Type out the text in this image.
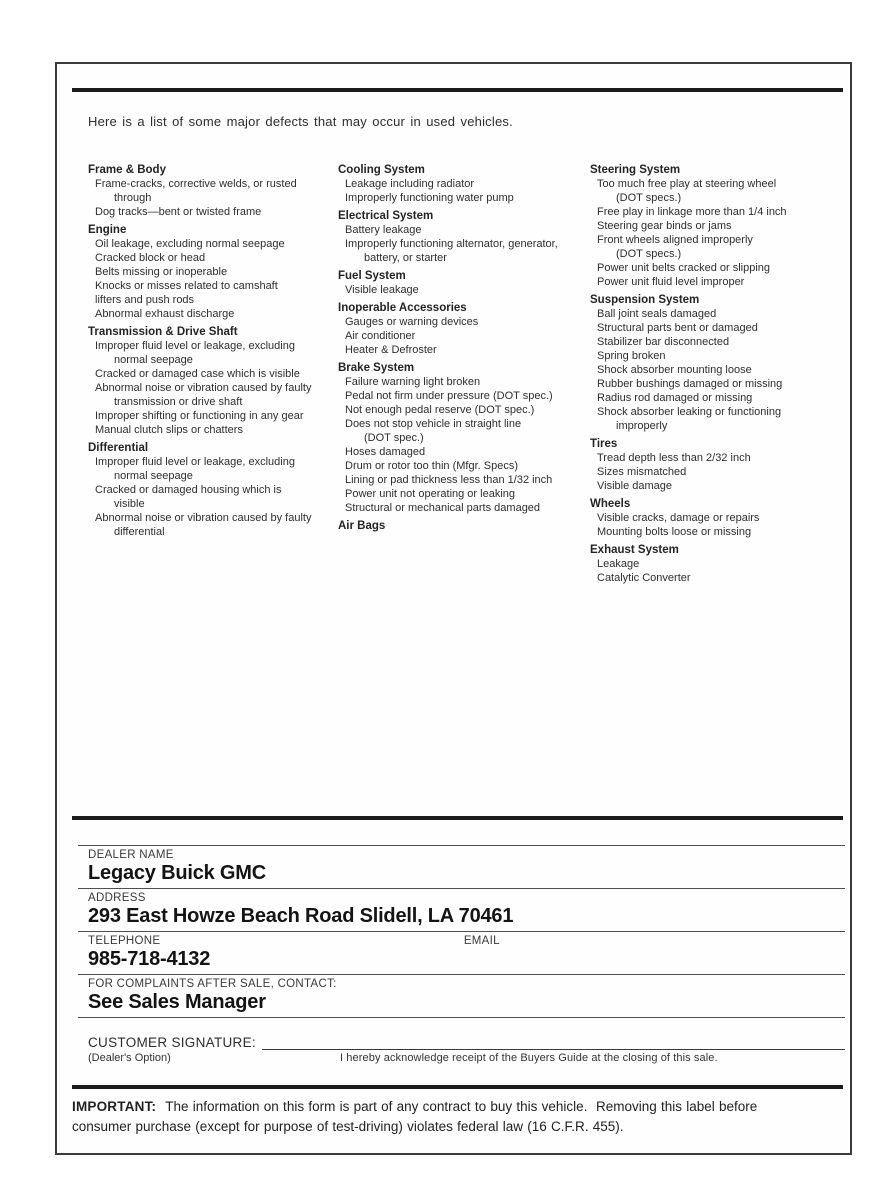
Here is a list of some major defects that may occur in used vehicles.
Frame & Body
Frame-cracks, corrective welds, or rusted
through
Dog tracks—bent or twisted frame
Engine
Oil leakage, excluding normal seepage
Cracked block or head
Belts missing or inoperable
Knocks or misses related to camshaft
lifters and push rods
Abnormal exhaust discharge
Transmission & Drive Shaft
Improper fluid level or leakage, excluding
normal seepage
Cracked or damaged case which is visible
Abnormal noise or vibration caused by faulty
transmission or drive shaft
Improper shifting or functioning in any gear
Manual clutch slips or chatters
Differential
Improper fluid level or leakage, excluding
normal seepage
Cracked or damaged housing which is
visible
Abnormal noise or vibration caused by faulty
differential
Cooling System
Leakage including radiator
Improperly functioning water pump
Electrical System
Battery leakage
Improperly functioning alternator, generator,
battery, or starter
Fuel System
Visible leakage
Inoperable Accessories
Gauges or warning devices
Air conditioner
Heater & Defroster
Brake System
Failure warning light broken
Pedal not firm under pressure (DOT spec.)
Not enough pedal reserve (DOT spec.)
Does not stop vehicle in straight line
(DOT spec.)
Hoses damaged
Drum or rotor too thin (Mfgr. Specs)
Lining or pad thickness less than 1/32 inch
Power unit not operating or leaking
Structural or mechanical parts damaged
Air Bags
Steering System
Too much free play at steering wheel
(DOT specs.)
Free play in linkage more than 1/4 inch
Steering gear binds or jams
Front wheels aligned improperly
(DOT specs.)
Power unit belts cracked or slipping
Power unit fluid level improper
Suspension System
Ball joint seals damaged
Structural parts bent or damaged
Stabilizer bar disconnected
Spring broken
Shock absorber mounting loose
Rubber bushings damaged or missing
Radius rod damaged or missing
Shock absorber leaking or functioning
improperly
Tires
Tread depth less than 2/32 inch
Sizes mismatched
Visible damage
Wheels
Visible cracks, damage or repairs
Mounting bolts loose or missing
Exhaust System
Leakage
Catalytic Converter
DEALER NAME
Legacy Buick GMC
ADDRESS
293 East Howze Beach Road Slidell, LA 70461
TELEPHONE
985-718-4132
EMAIL
FOR COMPLAINTS AFTER SALE, CONTACT:
See Sales Manager
CUSTOMER SIGNATURE:
(Dealer's Option)	I hereby acknowledge receipt of the Buyers Guide at the closing of this sale.
IMPORTANT: The information on this form is part of any contract to buy this vehicle.  Removing this label before consumer purchase (except for purpose of test-driving) violates federal law (16 C.F.R. 455).
